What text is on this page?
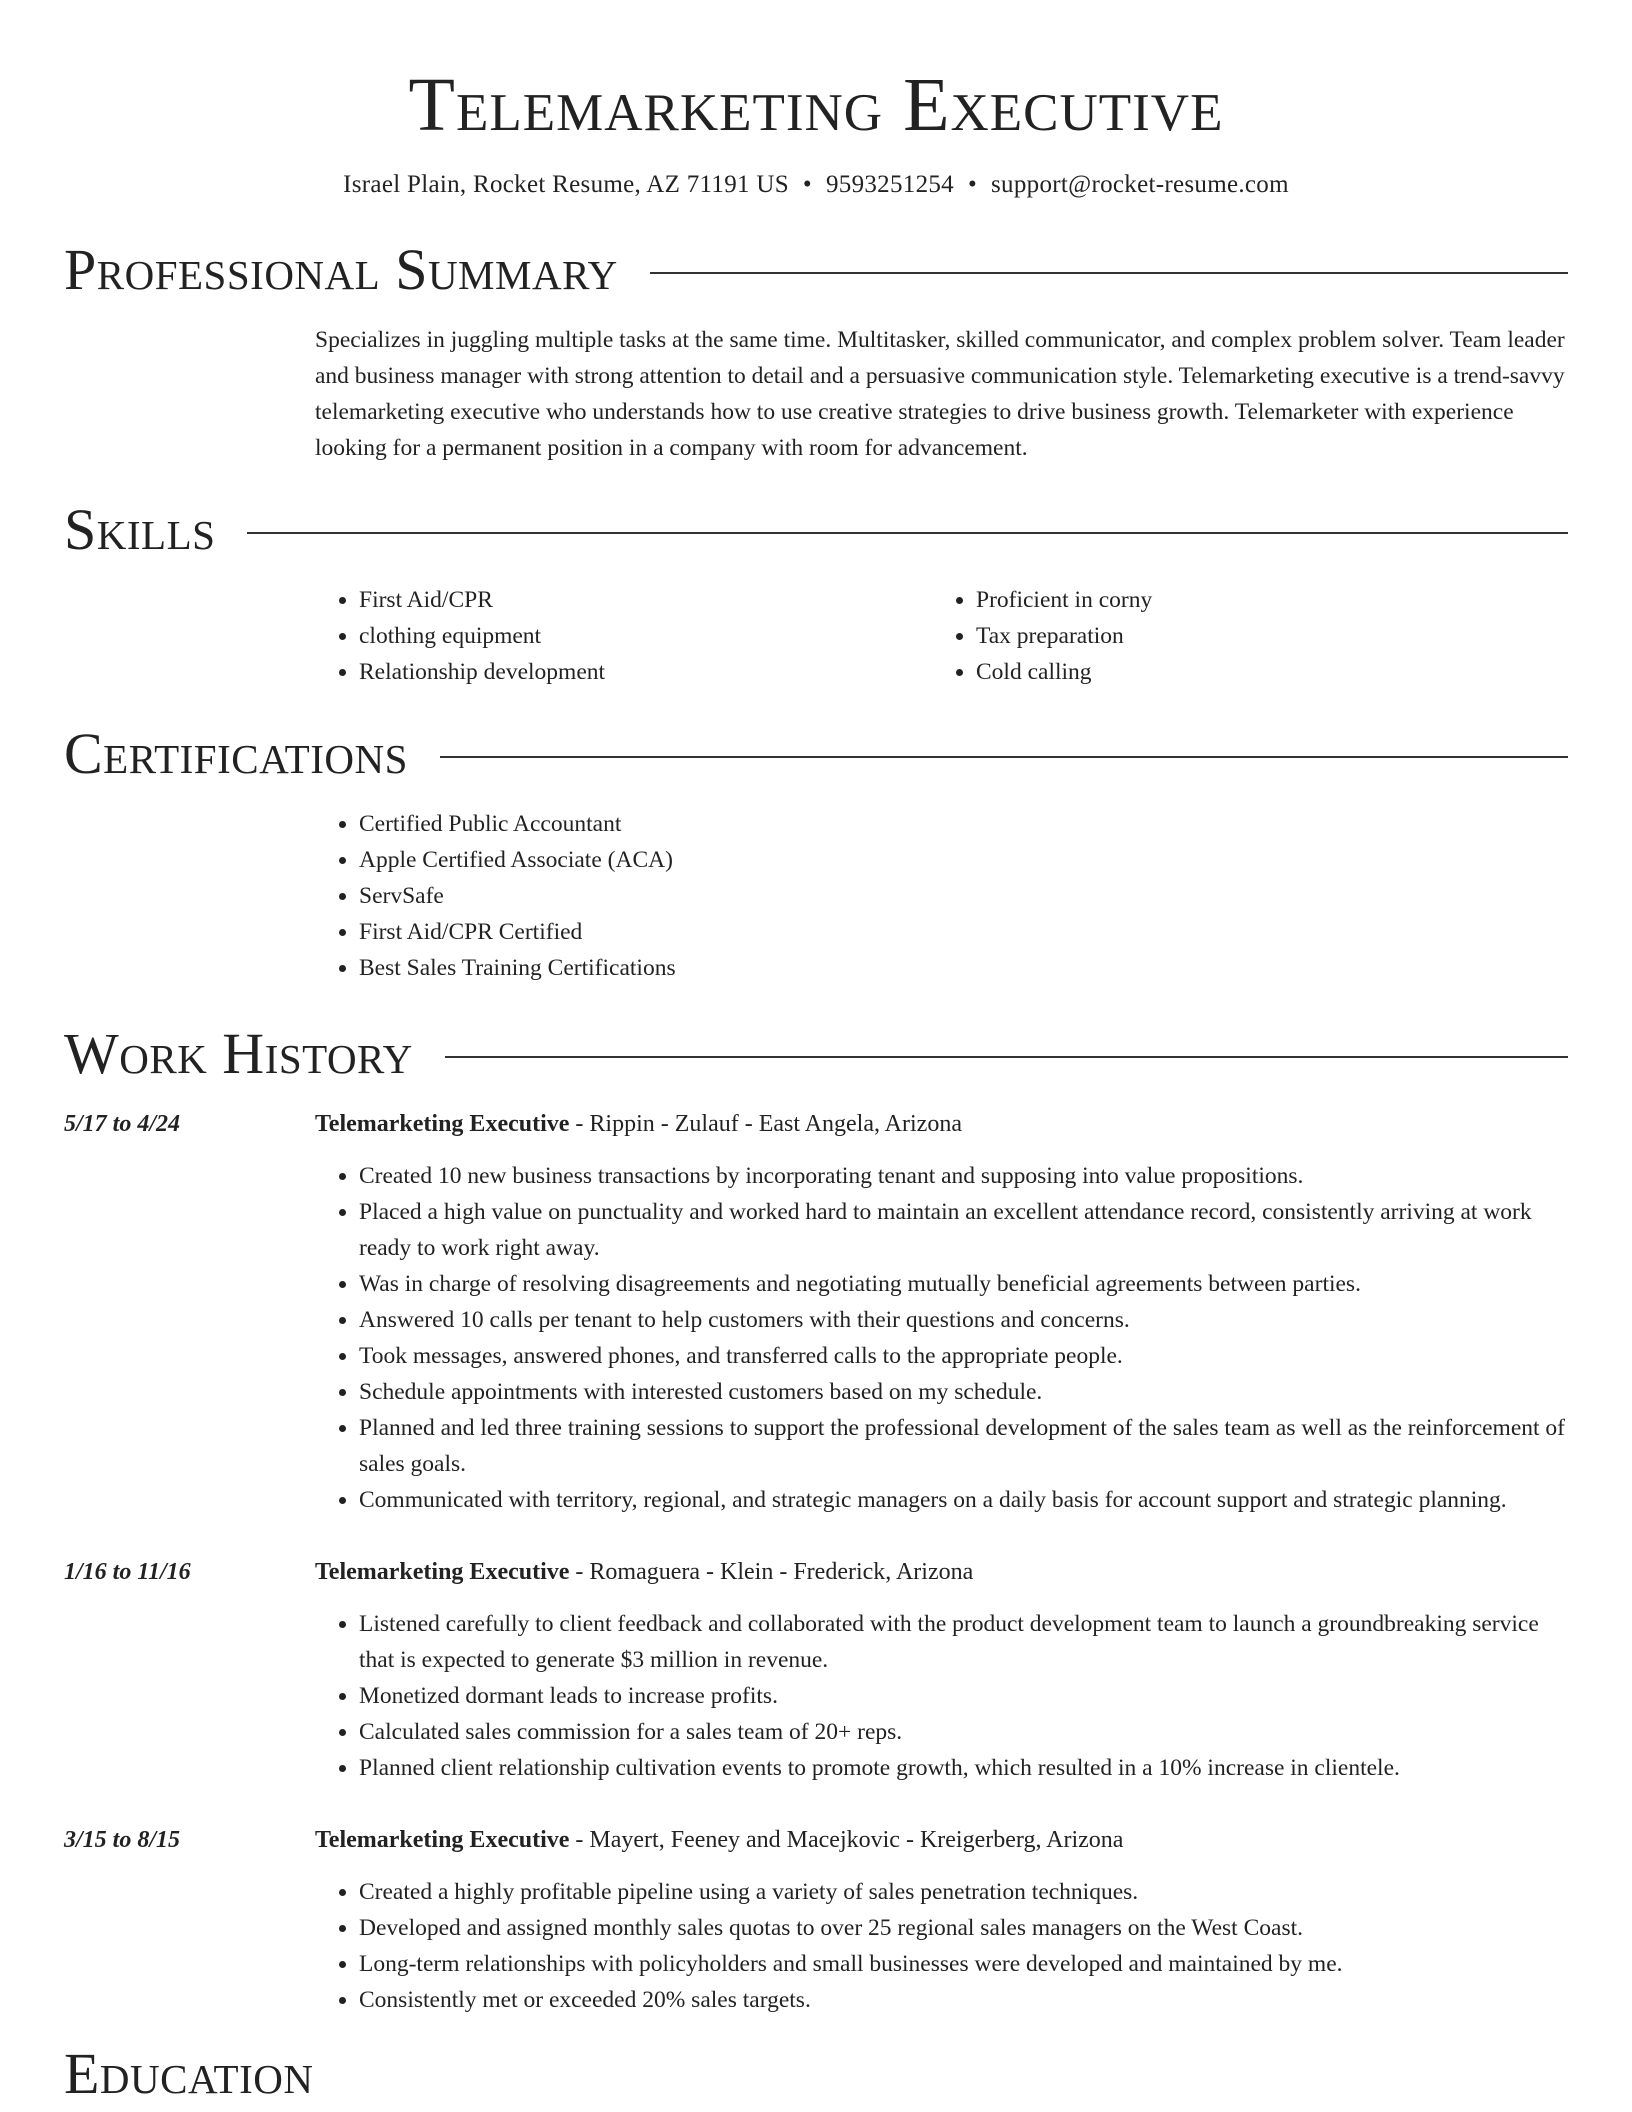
Telemarketing Executive
Israel Plain, Rocket Resume, AZ 71191 US • 9593251254 • support@rocket-resume.com
Professional Summary

Specializes in juggling multiple tasks at the same time. Multitasker, skilled communicator, and complex problem solver. Team leader and business manager with strong attention to detail and a persuasive communication style. Telemarketing executive is a trend-savvy telemarketing executive who understands how to use creative strategies to drive business growth. Telemarketer with experience looking for a permanent position in a company with room for advancement.

Skills
• First Aid/CPR
• clothing equipment
• Relationship development
• Proficient in corny
• Tax preparation
• Cold calling
Certifications
• Certified Public Accountant
• Apple Certified Associate (ACA)
• ServSafe
• First Aid/CPR Certified
• Best Sales Training Certifications
Work History
5/17 to 4/24	Telemarketing Executive - Rippin - Zulauf - East Angela, Arizona
• Created 10 new business transactions by incorporating tenant and supposing into value propositions.
• Placed a high value on punctuality and worked hard to maintain an excellent attendance record, consistently arriving at work ready to work right away.
• Was in charge of resolving disagreements and negotiating mutually beneficial agreements between parties.
• Answered 10 calls per tenant to help customers with their questions and concerns.
• Took messages, answered phones, and transferred calls to the appropriate people.
• Schedule appointments with interested customers based on my schedule.
• Planned and led three training sessions to support the professional development of the sales team as well as the reinforcement of sales goals.
• Communicated with territory, regional, and strategic managers on a daily basis for account support and strategic planning.
1/16 to 11/16	Telemarketing Executive - Romaguera - Klein - Frederick, Arizona
• Listened carefully to client feedback and collaborated with the product development team to launch a groundbreaking service that is expected to generate $3 million in revenue.
• Monetized dormant leads to increase profits.
• Calculated sales commission for a sales team of 20+ reps.
• Planned client relationship cultivation events to promote growth, which resulted in a 10% increase in clientele.
3/15 to 8/15	Telemarketing Executive - Mayert, Feeney and Macejkovic - Kreigerberg, Arizona
• Created a highly profitable pipeline using a variety of sales penetration techniques.
• Developed and assigned monthly sales quotas to over 25 regional sales managers on the West Coast.
• Long-term relationships with policyholders and small businesses were developed and maintained by me.
• Consistently met or exceeded 20% sales targets.
Education
